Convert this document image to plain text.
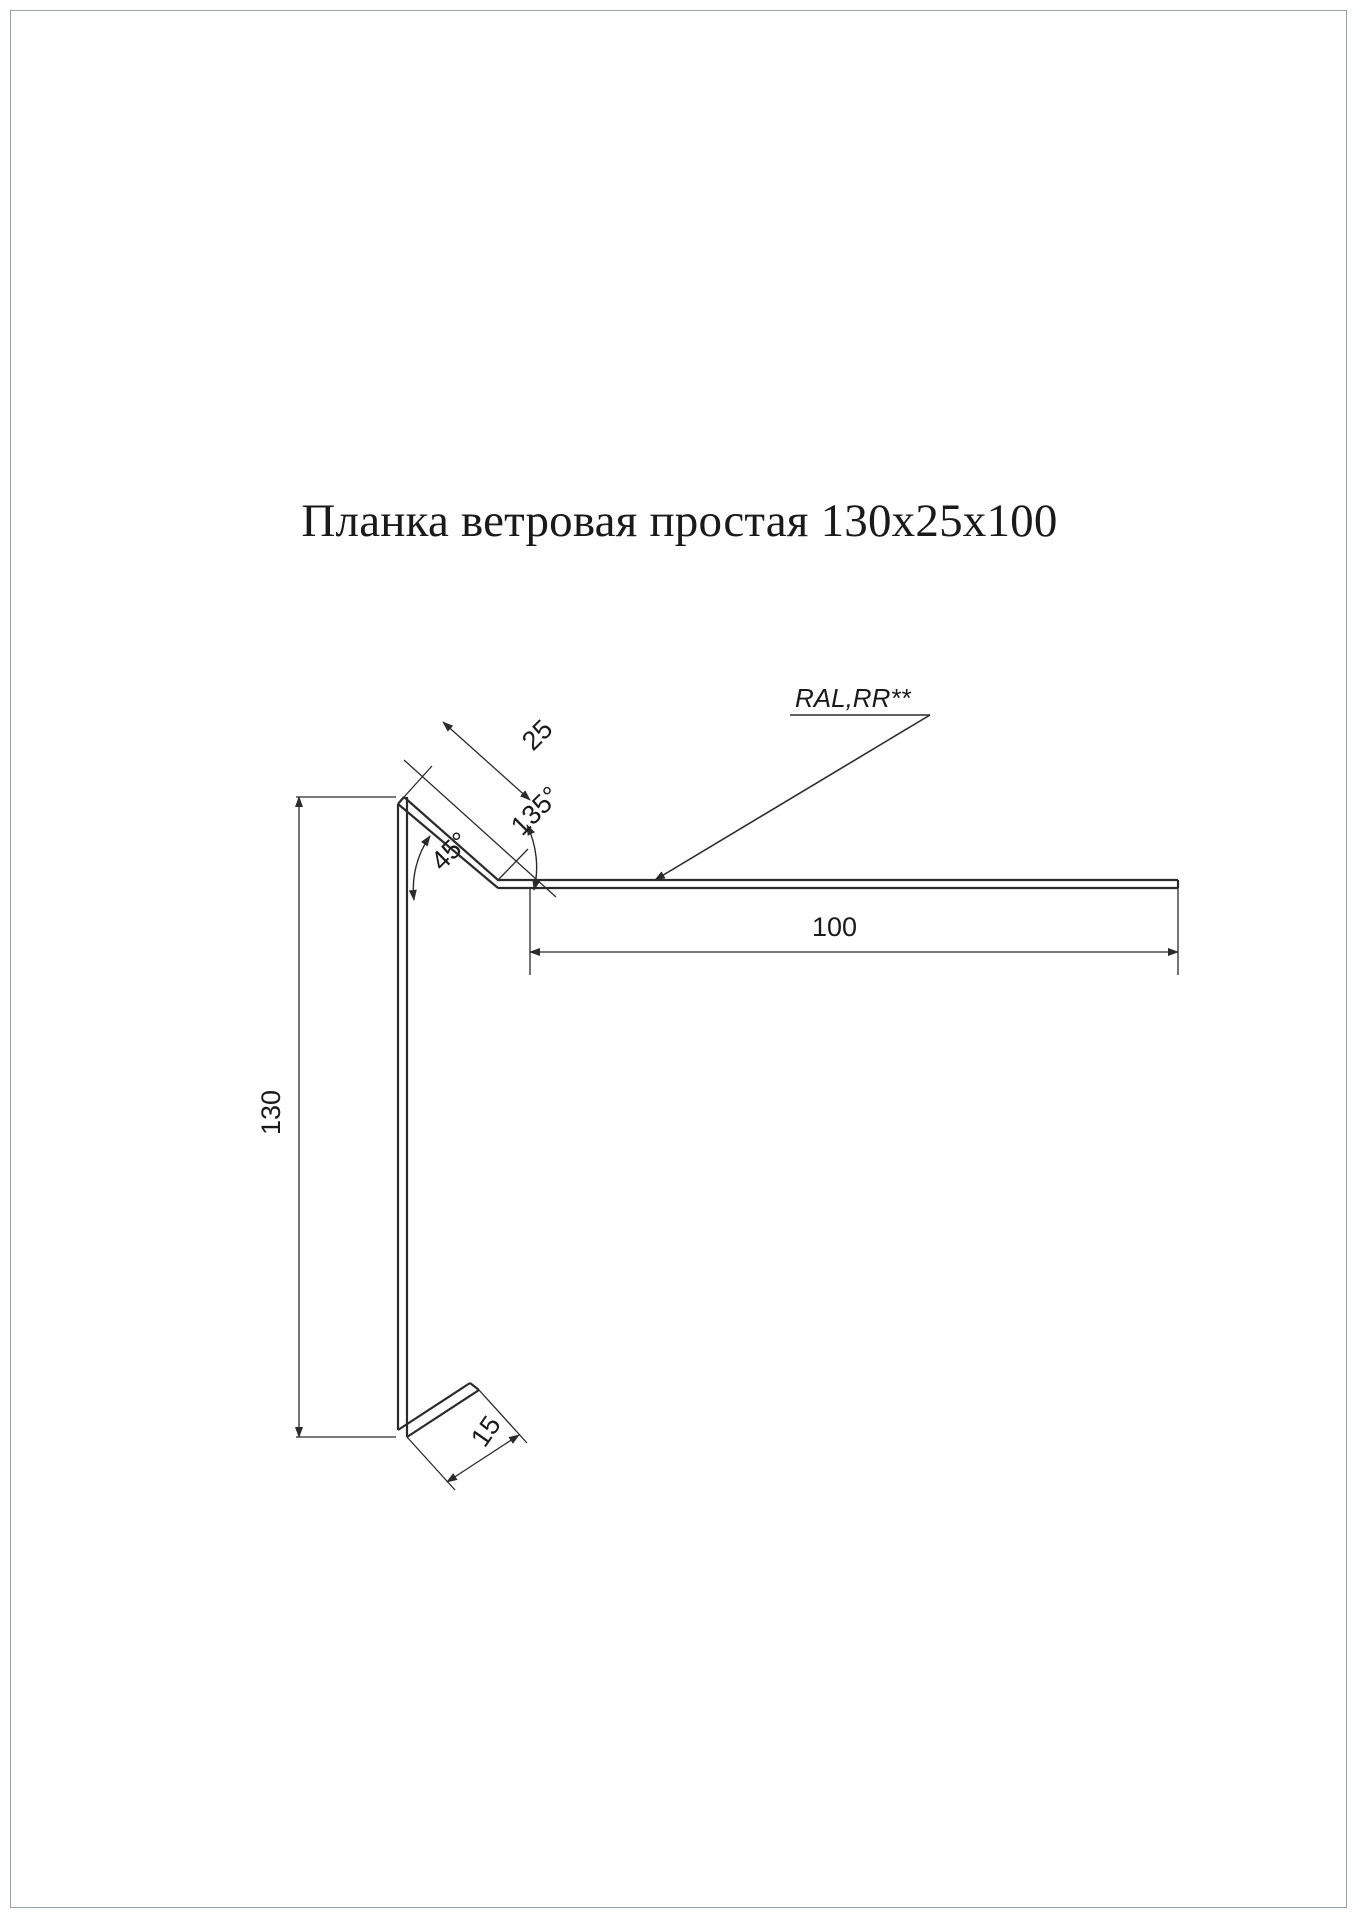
Планка ветровая простая 130х25х100
25
45°
135°
100
130
15
RAL,RR**
